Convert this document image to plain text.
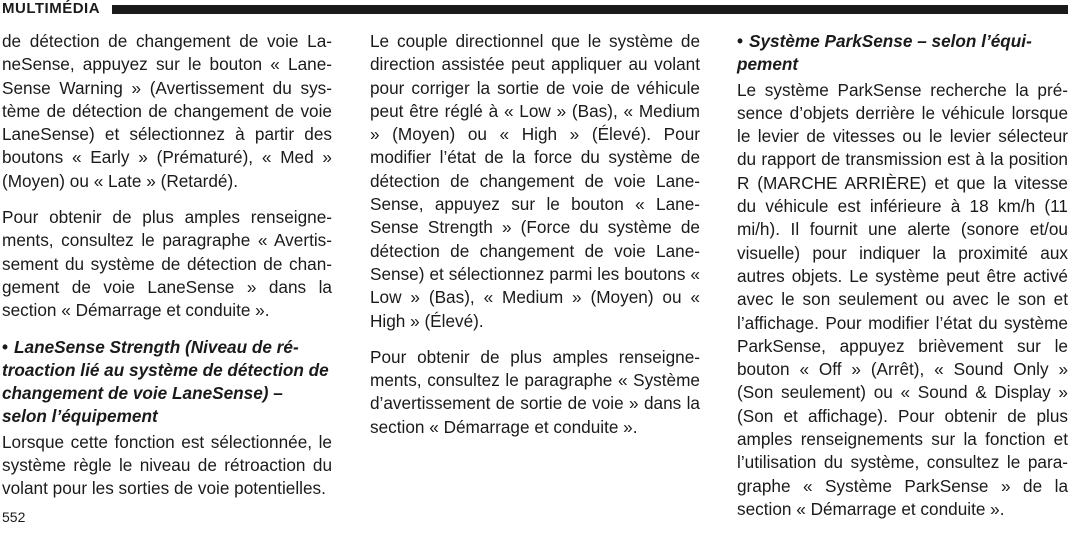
MULTIMÉDIA

de détection de changement de voie LaneSense, appuyez sur le bouton « LaneSense Warning » (Avertissement du système de détection de changement de voie LaneSense) et sélectionnez à partir des boutons « Early » (Prématuré), « Med » (Moyen) ou « Late » (Retardé).

Pour obtenir de plus amples renseignements, consultez le paragraphe « Avertissement du système de détection de changement de voie LaneSense » dans la section « Démarrage et conduite ».

• LaneSense Strength (Niveau de rétroaction lié au système de détection de changement de voie LaneSense) – selon l’équipement

Lorsque cette fonction est sélectionnée, le système règle le niveau de rétroaction du volant pour les sorties de voie potentielles.

Le couple directionnel que le système de direction assistée peut appliquer au volant pour corriger la sortie de voie de véhicule peut être réglé à « Low » (Bas), « Medium » (Moyen) ou « High » (Élevé). Pour modifier l’état de la force du système de détection de changement de voie LaneSense, appuyez sur le bouton « LaneSense Strength » (Force du système de détection de changement de voie LaneSense) et sélectionnez parmi les boutons « Low » (Bas), « Medium » (Moyen) ou « High » (Élevé).

Pour obtenir de plus amples renseignements, consultez le paragraphe « Système d’avertissement de sortie de voie » dans la section « Démarrage et conduite ».

• Système ParkSense – selon l’équipement

Le système ParkSense recherche la présence d’objets derrière le véhicule lorsque le levier de vitesses ou le levier sélecteur du rapport de transmission est à la position R (MARCHE ARRIÈRE) et que la vitesse du véhicule est inférieure à 18 km/h (11 mi/h). Il fournit une alerte (sonore et/ou visuelle) pour indiquer la proximité aux autres objets. Le système peut être activé avec le son seulement ou avec le son et l’affichage. Pour modifier l’état du système ParkSense, appuyez brièvement sur le bouton « Off » (Arrêt), « Sound Only » (Son seulement) ou « Sound & Display » (Son et affichage). Pour obtenir de plus amples renseignements sur la fonction et l’utilisation du système, consultez le paragraphe « Système ParkSense » de la section « Démarrage et conduite ».

552
